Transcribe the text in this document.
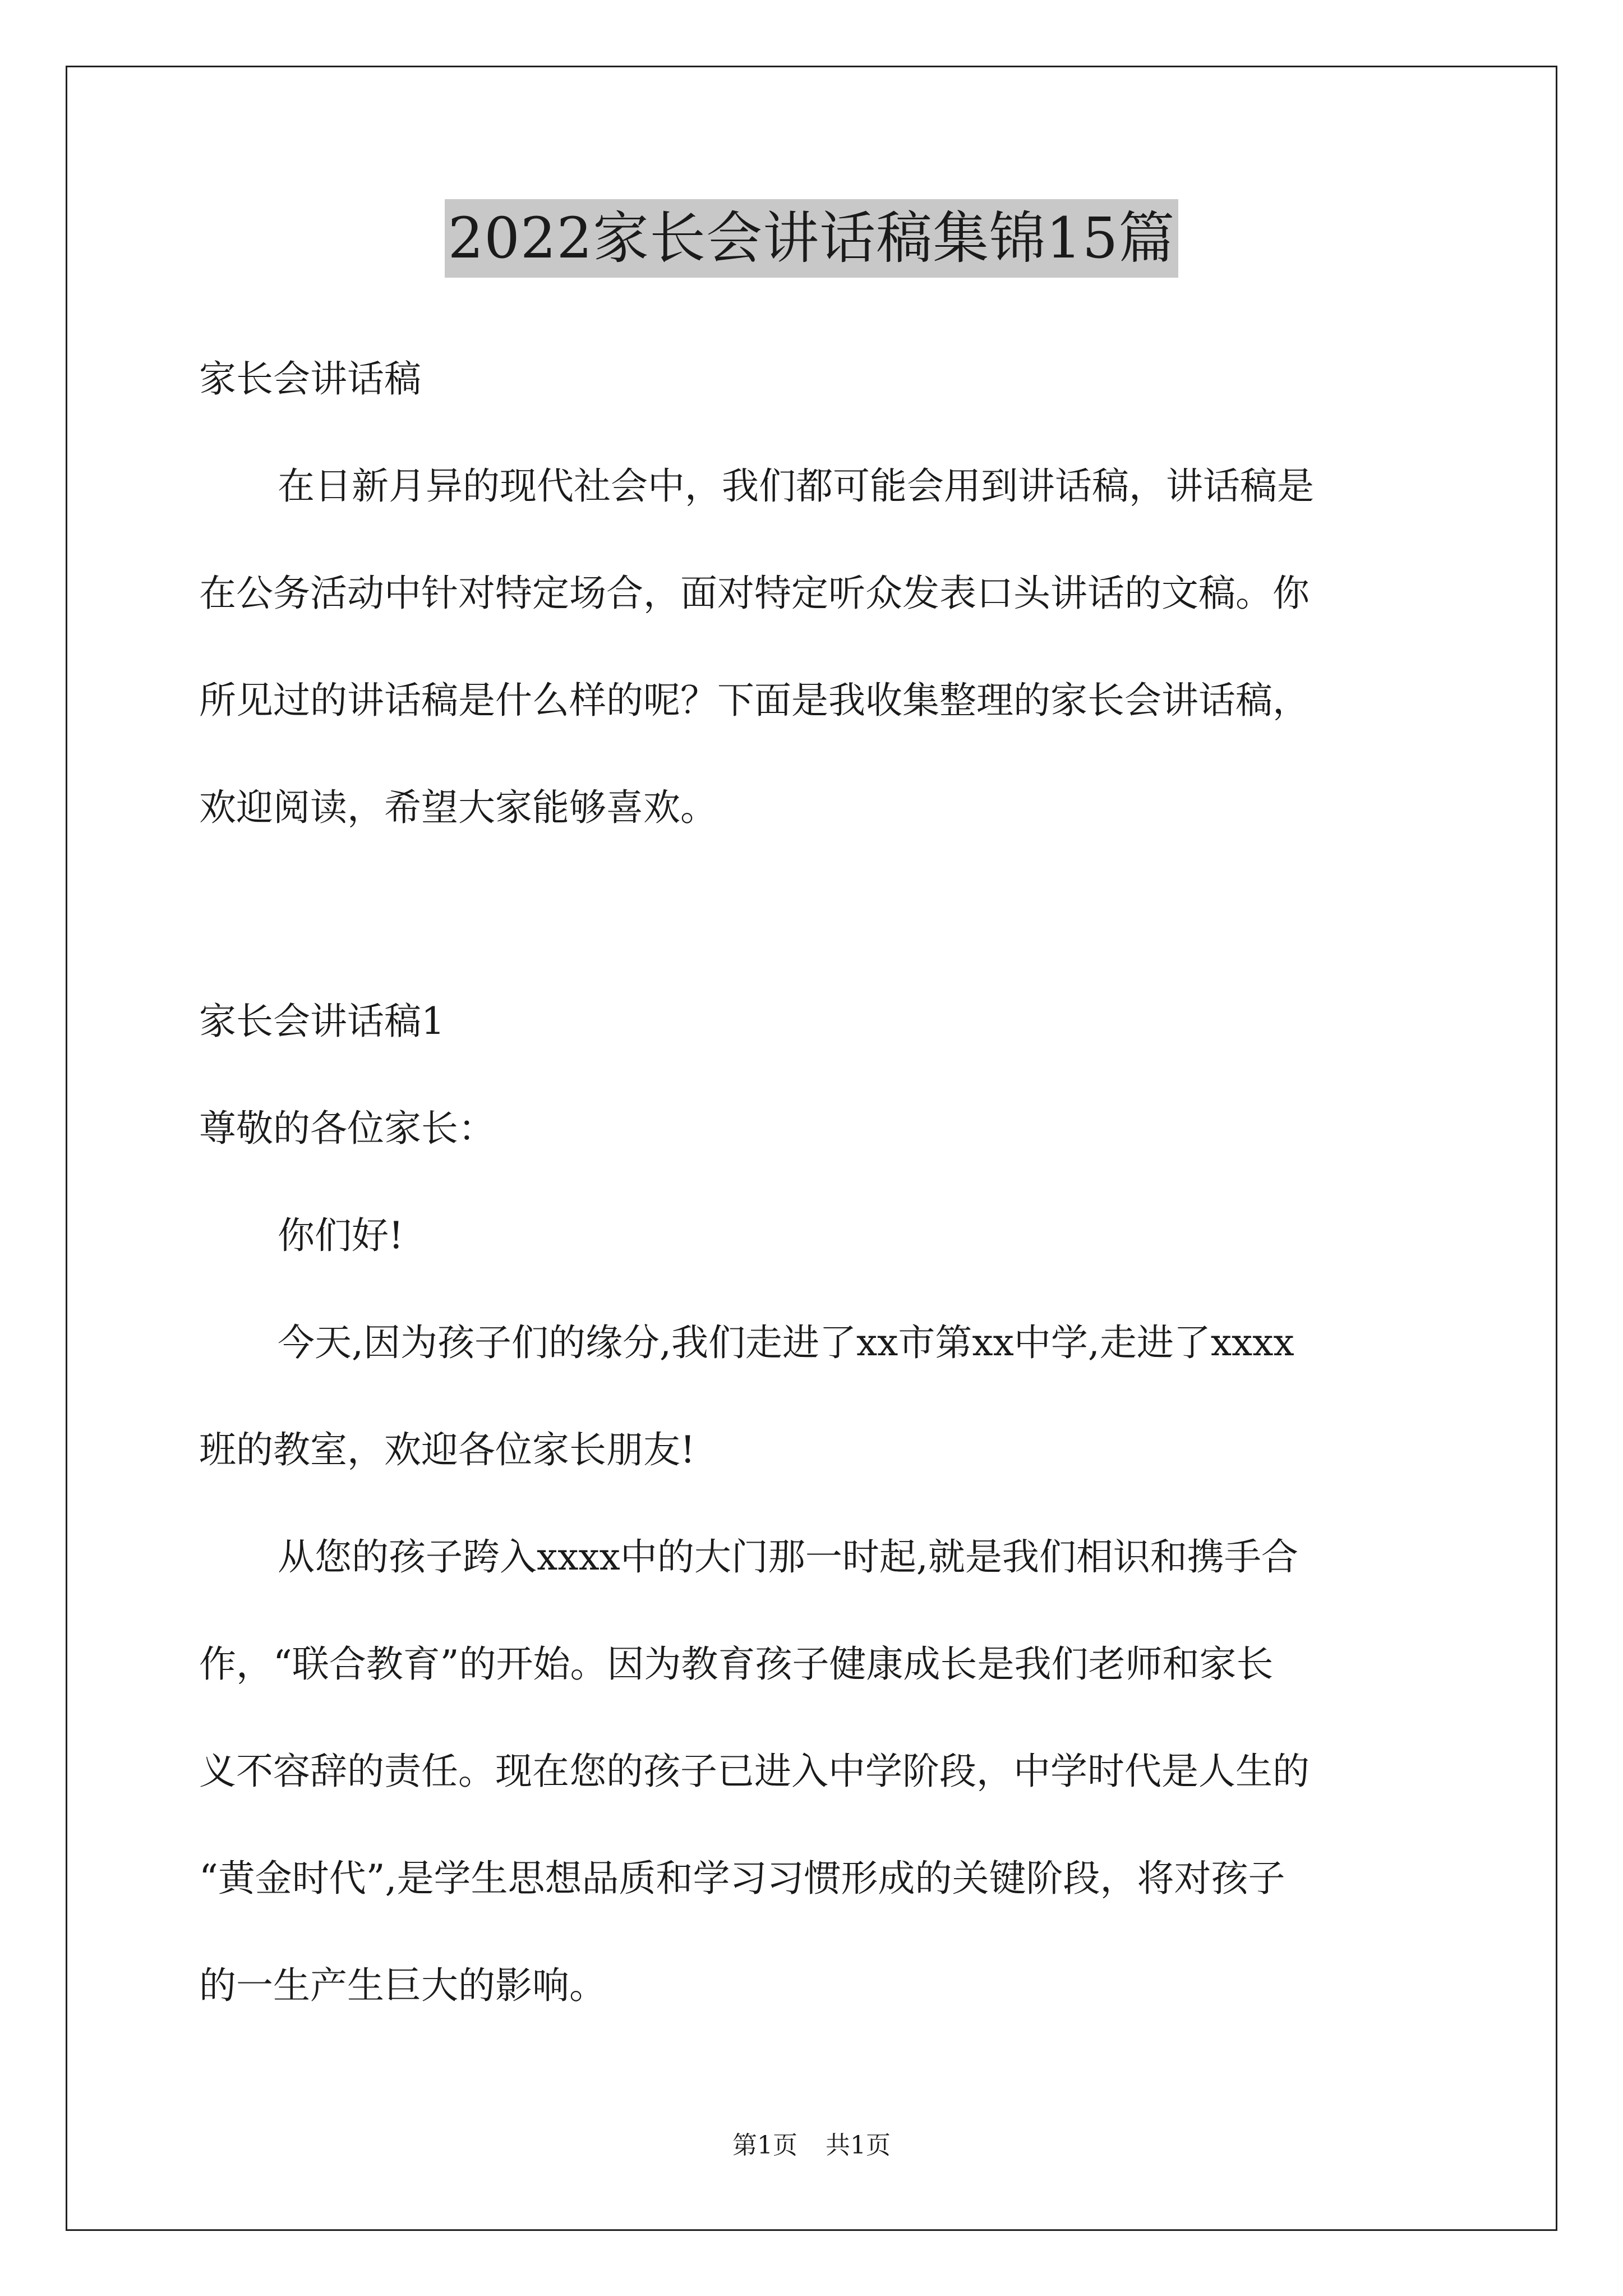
2022家长会讲话稿集锦15篇
家长会讲话稿
在日新月异的现代社会中，我们都可能会用到讲话稿，讲话稿是
在公务活动中针对特定场合，面对特定听众发表口头讲话的文稿。你
所见过的讲话稿是什么样的呢？下面是我收集整理的家长会讲话稿，
欢迎阅读，希望大家能够喜欢。
家长会讲话稿1
尊敬的各位家长：
你们好!
今天,因为孩子们的缘分,我们走进了xx市第xx中学,走进了xxxx
班的教室，欢迎各位家长朋友!
从您的孩子跨入xxxx中的大门那一时起,就是我们相识和携手合
作，“联合教育”的开始。因为教育孩子健康成长是我们老师和家长
义不容辞的责任。现在您的孩子已进入中学阶段，中学时代是人生的
“黄金时代”,是学生思想品质和学习习惯形成的关键阶段，将对孩子
的一生产生巨大的影响。
第1页 共1页
